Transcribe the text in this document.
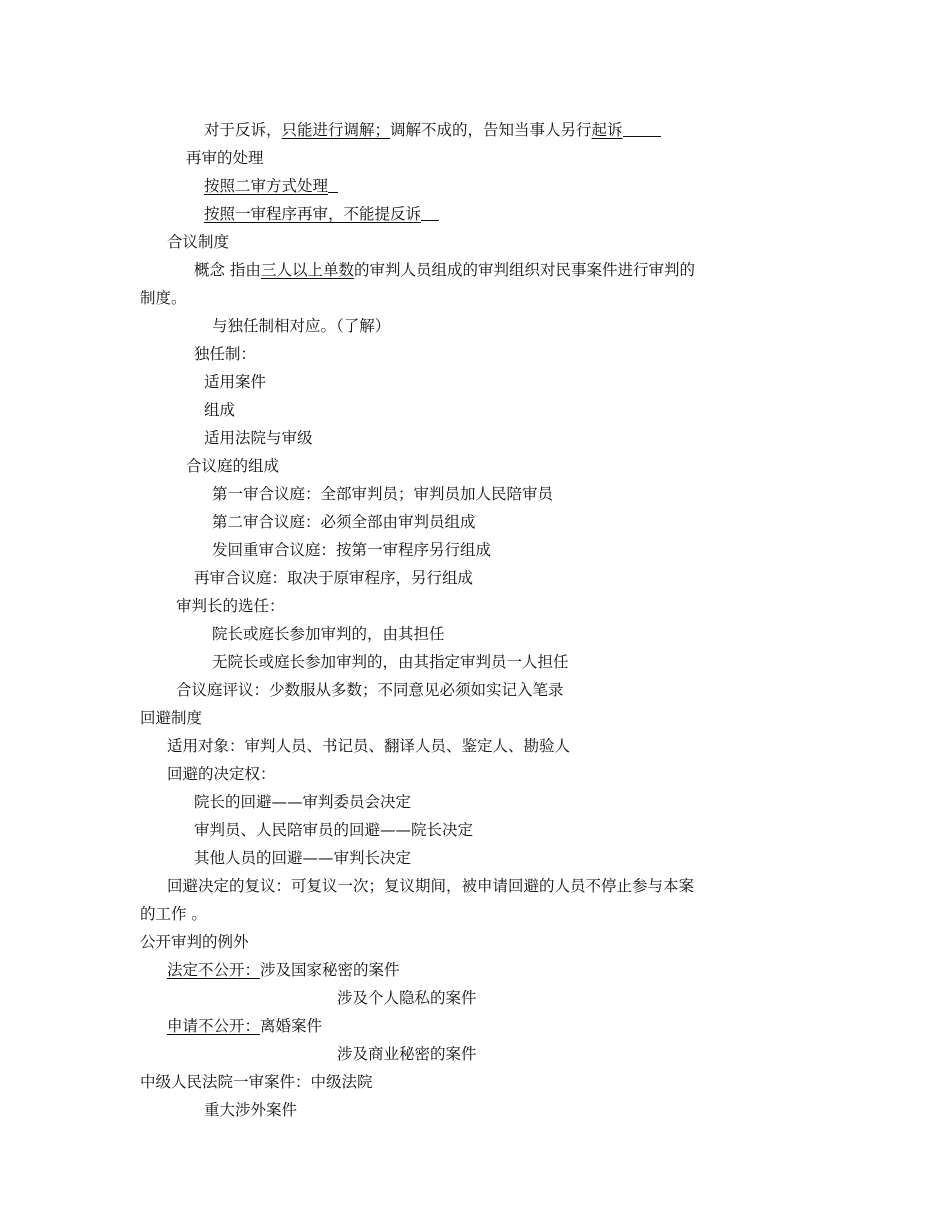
对于反诉，只能进行调解；调解不成的，告知当事人另行起诉
再审的处理
按照二审方式处理
按照一审程序再审，不能提反诉
合议制度
概念 指由三人以上单数的审判人员组成的审判组织对民事案件进行审判的
制度。
与独任制相对应。（了解）
独任制：
适用案件
组成
适用法院与审级
合议庭的组成
第一审合议庭：全部审判员；审判员加人民陪审员
第二审合议庭：必须全部由审判员组成
发回重审合议庭：按第一审程序另行组成
再审合议庭：取决于原审程序，另行组成
审判长的选任：
院长或庭长参加审判的，由其担任
无院长或庭长参加审判的，由其指定审判员一人担任
合议庭评议：少数服从多数；不同意见必须如实记入笔录
回避制度
适用对象：审判人员、书记员、翻译人员、鉴定人、勘验人
回避的决定权：
院长的回避——审判委员会决定
审判员、人民陪审员的回避——院长决定
其他人员的回避——审判长决定
回避决定的复议：可复议一次；复议期间，被申请回避的人员不停止参与本案
的工作 。
公开审判的例外
法定不公开：涉及国家秘密的案件
涉及个人隐私的案件
申请不公开：离婚案件
涉及商业秘密的案件
中级人民法院一审案件：中级法院
重大涉外案件
